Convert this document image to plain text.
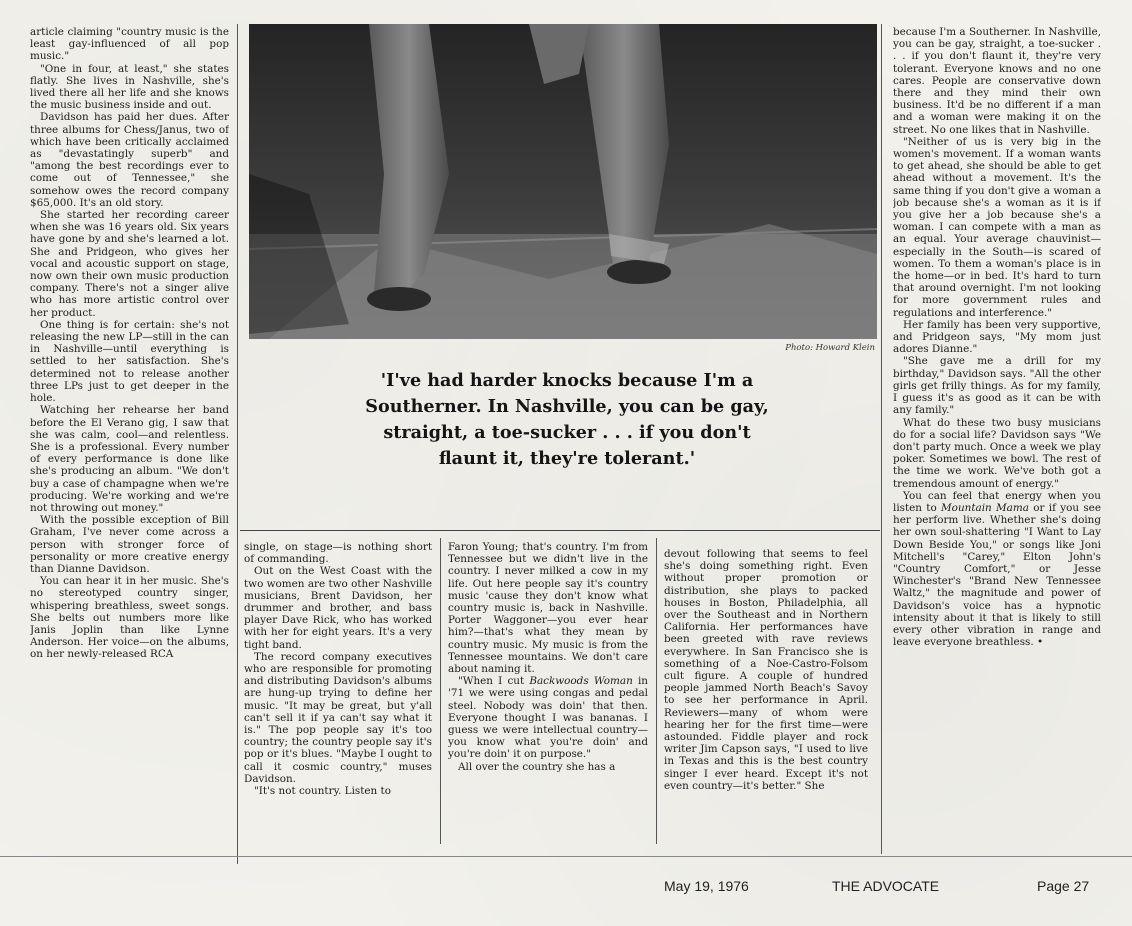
article claiming "country music is the least gay-influenced of all pop music."

"One in four, at least," she states flatly. She lives in Nashville, she's lived there all her life and she knows the music business inside and out.

Davidson has paid her dues. After three albums for Chess/Janus, two of which have been critically acclaimed as "devastatingly superb" and "among the best recordings ever to come out of Tennessee," she somehow owes the record company $65,000. It's an old story.

She started her recording career when she was 16 years old. Six years have gone by and she's learned a lot. She and Pridgeon, who gives her vocal and acoustic support on stage, now own their own music production company. There's not a singer alive who has more artistic control over her product.

One thing is for certain: she's not releasing the new LP—still in the can in Nashville—until everything is settled to her satisfaction. She's determined not to release another three LPs just to get deeper in the hole.

Watching her rehearse her band before the El Verano gig, I saw that she was calm, cool—and relentless. She is a professional. Every number of every performance is done like she's producing an album. "We don't buy a case of champagne when we're producing. We're working and we're not throwing out money."

With the possible exception of Bill Graham, I've never come across a person with stronger force of personality or more creative energy than Dianne Davidson.

You can hear it in her music. She's no stereotyped country singer, whispering breathless, sweet songs. She belts out numbers more like Janis Joplin than like Lynne Anderson. Her voice—on the albums, on her newly-released RCA

Photo: Howard Klein
'I've had harder knocks because I'm a Southerner. In Nashville, you can be gay, straight, a toe-sucker . . . if you don't flaunt it, they're tolerant.'

single, on stage—is nothing short of commanding.

Out on the West Coast with the two women are two other Nashville musicians, Brent Davidson, her drummer and brother, and bass player Dave Rick, who has worked with her for eight years. It's a very tight band.

The record company executives who are responsible for promoting and distributing Davidson's albums are hung-up trying to define her music. "It may be great, but y'all can't sell it if ya can't say what it is." The pop people say it's too country; the country people say it's pop or it's blues. "Maybe I ought to call it cosmic country," muses Davidson.

"It's not country. Listen to

Faron Young; that's country. I'm from Tennessee but we didn't live in the country. I never milked a cow in my life. Out here people say it's country music 'cause they don't know what country music is, back in Nashville. Porter Waggoner—you ever hear him?—that's what they mean by country music. My music is from the Tennessee mountains. We don't care about naming it.

"When I cut Backwoods Woman in '71 we were using congas and pedal steel. Nobody was doin' that then. Everyone thought I was bananas. I guess we were intellectual country—you know what you're doin' and you're doin' it on purpose."

All over the country she has a

devout following that seems to feel she's doing something right. Even without proper promotion or distribution, she plays to packed houses in Boston, Philadelphia, all over the Southeast and in Northern California. Her performances have been greeted with rave reviews everywhere. In San Francisco she is something of a Noe-Castro-Folsom cult figure. A couple of hundred people jammed North Beach's Savoy to see her performance in April. Reviewers—many of whom were hearing her for the first time—were astounded. Fiddle player and rock writer Jim Capson says, "I used to live in Texas and this is the best country singer I ever heard. Except it's not even country—it's better." She

because I'm a Southerner. In Nashville, you can be gay, straight, a toe-sucker . . . if you don't flaunt it, they're very tolerant. Everyone knows and no one cares. People are conservative down there and they mind their own business. It'd be no different if a man and a woman were making it on the street. No one likes that in Nashville.

"Neither of us is very big in the women's movement. If a woman wants to get ahead, she should be able to get ahead without a movement. It's the same thing if you don't give a woman a job because she's a woman as it is if you give her a job because she's a woman. I can compete with a man as an equal. Your average chauvinist—especially in the South—is scared of women. To them a woman's place is in the home—or in bed. It's hard to turn that around overnight. I'm not looking for more government rules and regulations and interference."

Her family has been very supportive, and Pridgeon says, "My mom just adores Dianne."

"She gave me a drill for my birthday," Davidson says. "All the other girls get frilly things. As for my family, I guess it's as good as it can be with any family."

What do these two busy musicians do for a social life? Davidson says "We don't party much. Once a week we play poker. Sometimes we bowl. The rest of the time we work. We've both got a tremendous amount of energy."

You can feel that energy when you listen to Mountain Mama or if you see her perform live. Whether she's doing her own soul-shattering "I Want to Lay Down Beside You," or songs like Joni Mitchell's "Carey," Elton John's "Country Comfort," or Jesse Winchester's "Brand New Tennessee Waltz," the magnitude and power of Davidson's voice has a hypnotic intensity about it that is likely to still every other vibration in range and leave everyone breathless. •

May 19, 1976	THE ADVOCATE	Page 27
